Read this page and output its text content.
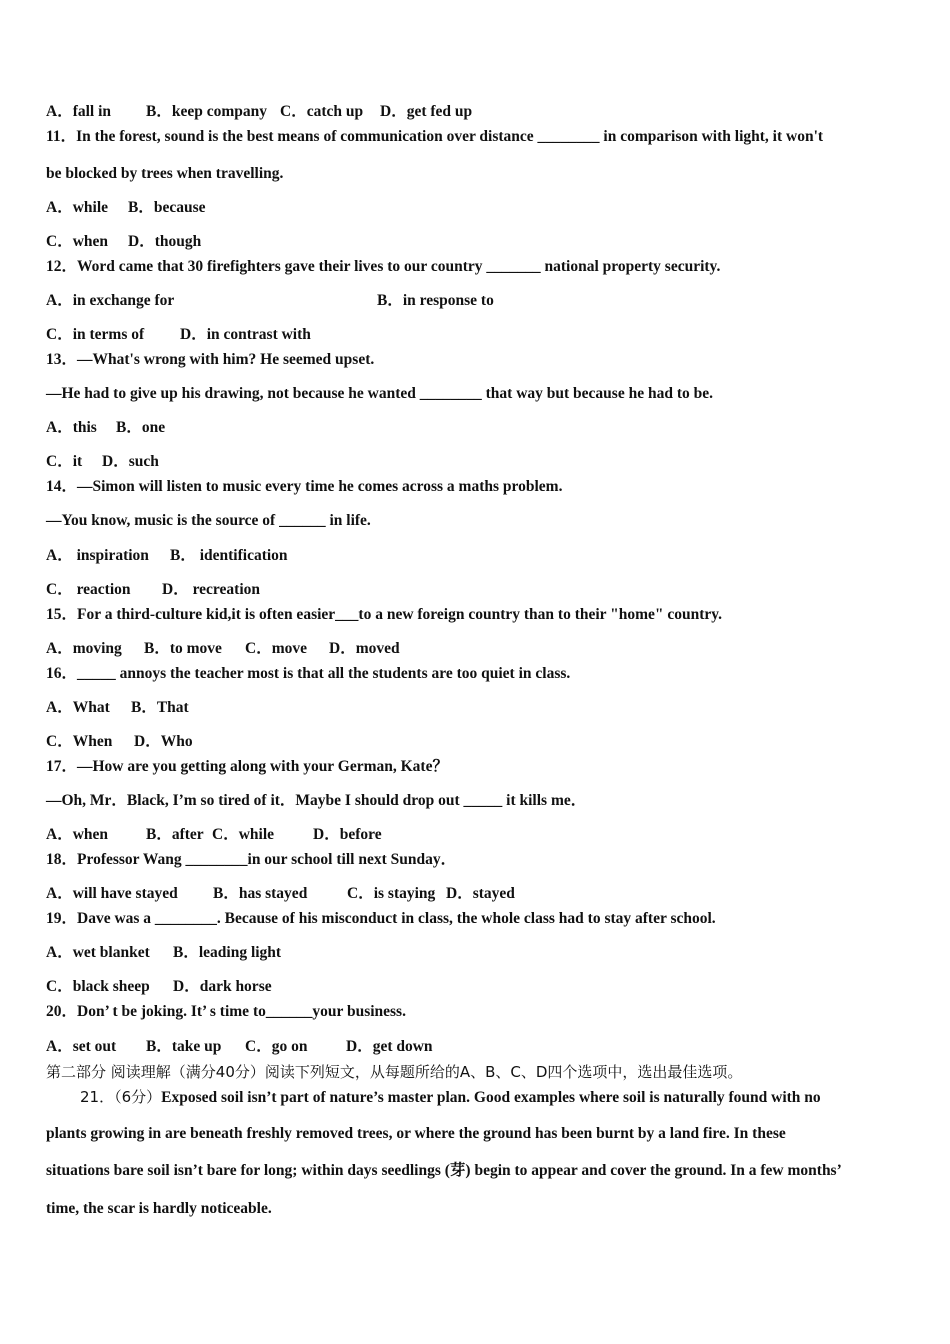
A．fall in B．keep company C．catch up D．get fed up
11．In the forest, sound is the best means of communication over distance ________ in comparison with light, it won't
be blocked by trees when travelling.
A．while B．because
C．when D．though
12．Word came that 30 firefighters gave their lives to our country _______ national property security.
A．in exchange for	B．in response to
C．in terms of D．in contrast with
13．—What's wrong with him? He seemed upset.
—He had to give up his drawing, not because he wanted ________ that way but because he had to be.
A．this B．one
C．it D．such
14．—Simon will listen to music every time he comes across a maths problem.
—You know, music is the source of ______ in life.
A． inspiration B． identification
C． reaction D． recreation
15．For a third-culture kid,it is often easier___to a new foreign country than to their "home" country.
A．moving B．to move C．move D．moved
16．_____ annoys the teacher most is that all the students are too quiet in class.
A．What B．That
C．When D．Who
17．—How are you getting along with your German, Kate？
—Oh, Mr．Black, I’m so tired of it．Maybe I should drop out _____ it kills me．
A．when B．after C．while	D．before
18．Professor Wang ________in our school till next Sunday．
A．will have stayed B．has stayed	C．is staying D．stayed
19．Dave was a ________. Because of his misconduct in class, the whole class had to stay after school.
A．wet blanket B．leading light
C．black sheep D．dark horse
20．Don’ t be joking. It’ s time to______your business.
A．set out B．take up C．go on D．get down
第二部分 阅读理解（满分40分）阅读下列短文，从每题所给的A、B、C、D四个选项中，选出最佳选项。
21．（6分）Exposed soil isn’t part of nature’s master plan. Good examples where soil is naturally found with no
plants growing in are beneath freshly removed trees, or where the ground has been burnt by a land fire. In these
situations bare soil isn’t bare for long; within days seedlings (芽) begin to appear and cover the ground. In a few months’
time, the scar is hardly noticeable.
